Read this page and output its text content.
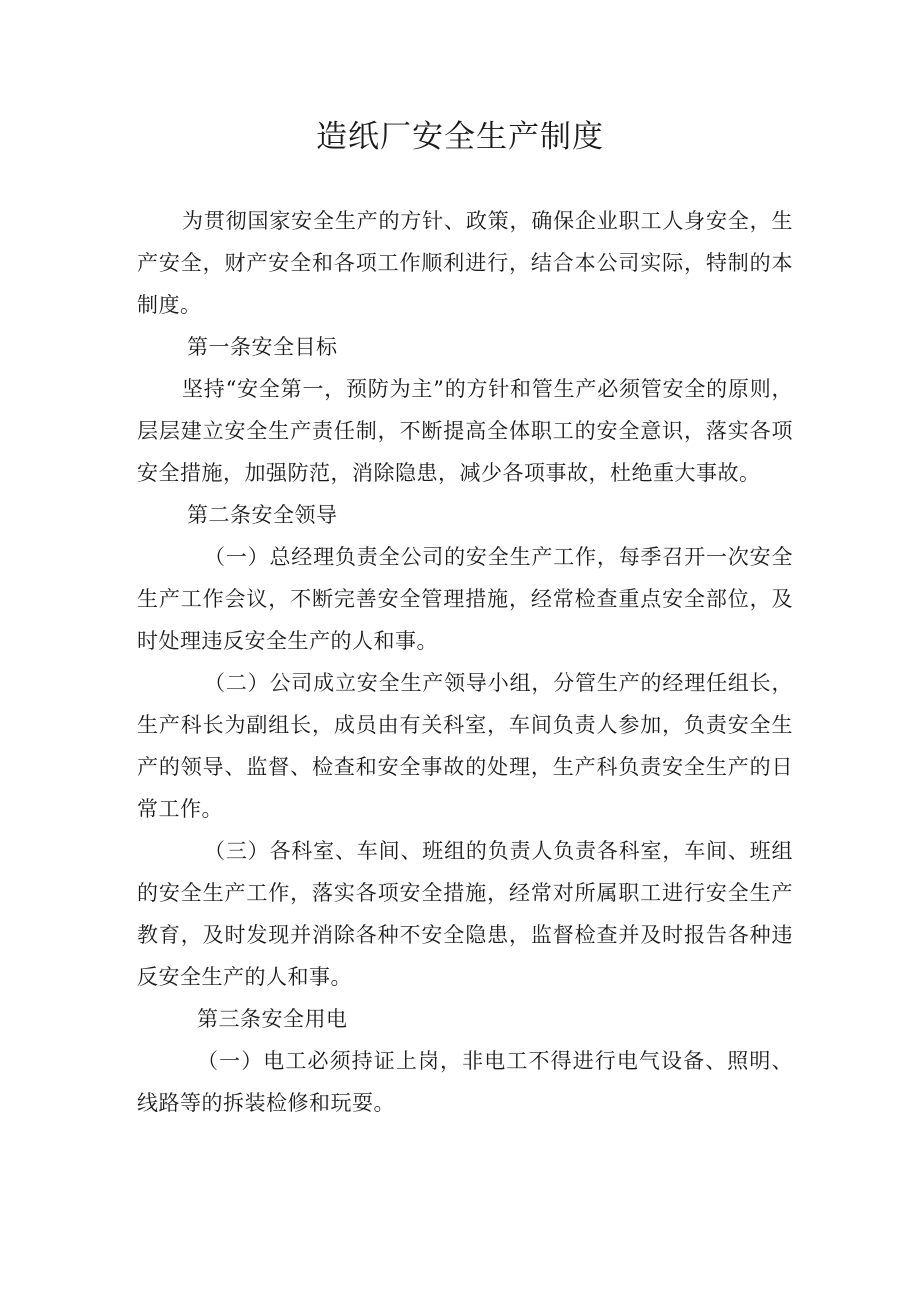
造纸厂安全生产制度

为贯彻国家安全生产的方针、政策，确保企业职工人身安全，生产安全，财产安全和各项工作顺利进行，结合本公司实际，特制的本制度。

第一条安全目标

坚持“安全第一，预防为主”的方针和管生产必须管安全的原则，层层建立安全生产责任制，不断提高全体职工的安全意识，落实各项安全措施，加强防范，消除隐患，减少各项事故，杜绝重大事故。

第二条安全领导

（一）总经理负责全公司的安全生产工作，每季召开一次安全生产工作会议，不断完善安全管理措施，经常检查重点安全部位，及时处理违反安全生产的人和事。

（二）公司成立安全生产领导小组，分管生产的经理任组长，生产科长为副组长，成员由有关科室，车间负责人参加，负责安全生产的领导、监督、检查和安全事故的处理，生产科负责安全生产的日常工作。

（三）各科室、车间、班组的负责人负责各科室，车间、班组的安全生产工作，落实各项安全措施，经常对所属职工进行安全生产教育，及时发现并消除各种不安全隐患，监督检查并及时报告各种违反安全生产的人和事。

第三条安全用电

（一）电工必须持证上岗，非电工不得进行电气设备、照明、线路等的拆装检修和玩耍。
